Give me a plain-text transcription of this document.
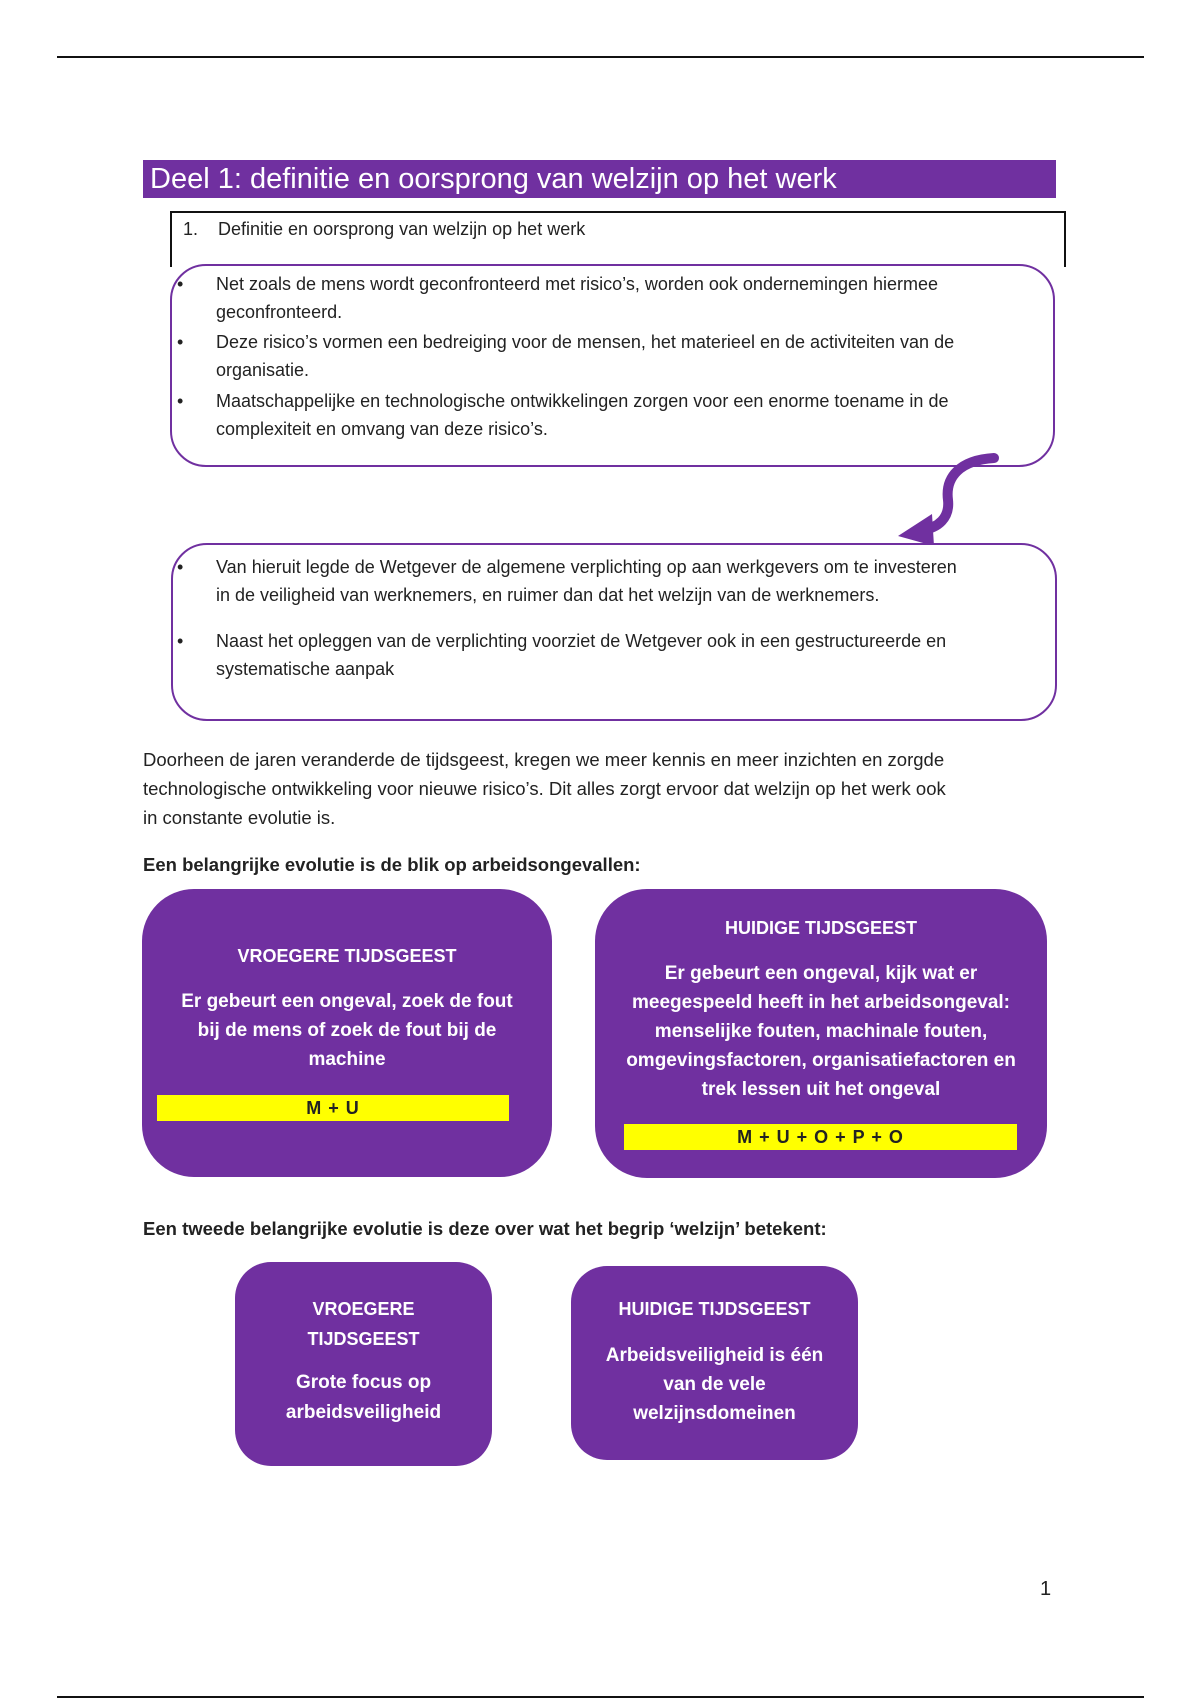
Deel 1: definitie en oorsprong van welzijn op het werk
1. Definitie en oorsprong van welzijn op het werk
• Net zoals de mens wordt geconfronteerd met risico’s, worden ook ondernemingen hiermee
geconfronteerd.
• Deze risico’s vormen een bedreiging voor de mensen, het materieel en de activiteiten van de
organisatie.
• Maatschappelijke en technologische ontwikkelingen zorgen voor een enorme toename in de
complexiteit en omvang van deze risico’s.
• Van hieruit legde de Wetgever de algemene verplichting op aan werkgevers om te investeren
in de veiligheid van werknemers, en ruimer dan dat het welzijn van de werknemers.
• Naast het opleggen van de verplichting voorziet de Wetgever ook in een gestructureerde en
systematische aanpak
Doorheen de jaren veranderde de tijdsgeest, kregen we meer kennis en meer inzichten en zorgde
technologische ontwikkeling voor nieuwe risico’s. Dit alles zorgt ervoor dat welzijn op het werk ook
in constante evolutie is.
Een belangrijke evolutie is de blik op arbeidsongevallen:
VROEGERE TIJDSGEEST
Er gebeurt een ongeval, zoek de fout
bij de mens of zoek de fout bij de
machine
M + U
HUIDIGE TIJDSGEEST
Er gebeurt een ongeval, kijk wat er
meegespeeld heeft in het arbeidsongeval:
menselijke fouten, machinale fouten,
omgevingsfactoren, organisatiefactoren en
trek lessen uit het ongeval
M + U + O + P + O
Een tweede belangrijke evolutie is deze over wat het begrip ‘welzijn’ betekent:
VROEGERE
TIJDSGEEST
Grote focus op
arbeidsveiligheid
HUIDIGE TIJDSGEEST
Arbeidsveiligheid is één
van de vele
welzijnsdomeinen
1
